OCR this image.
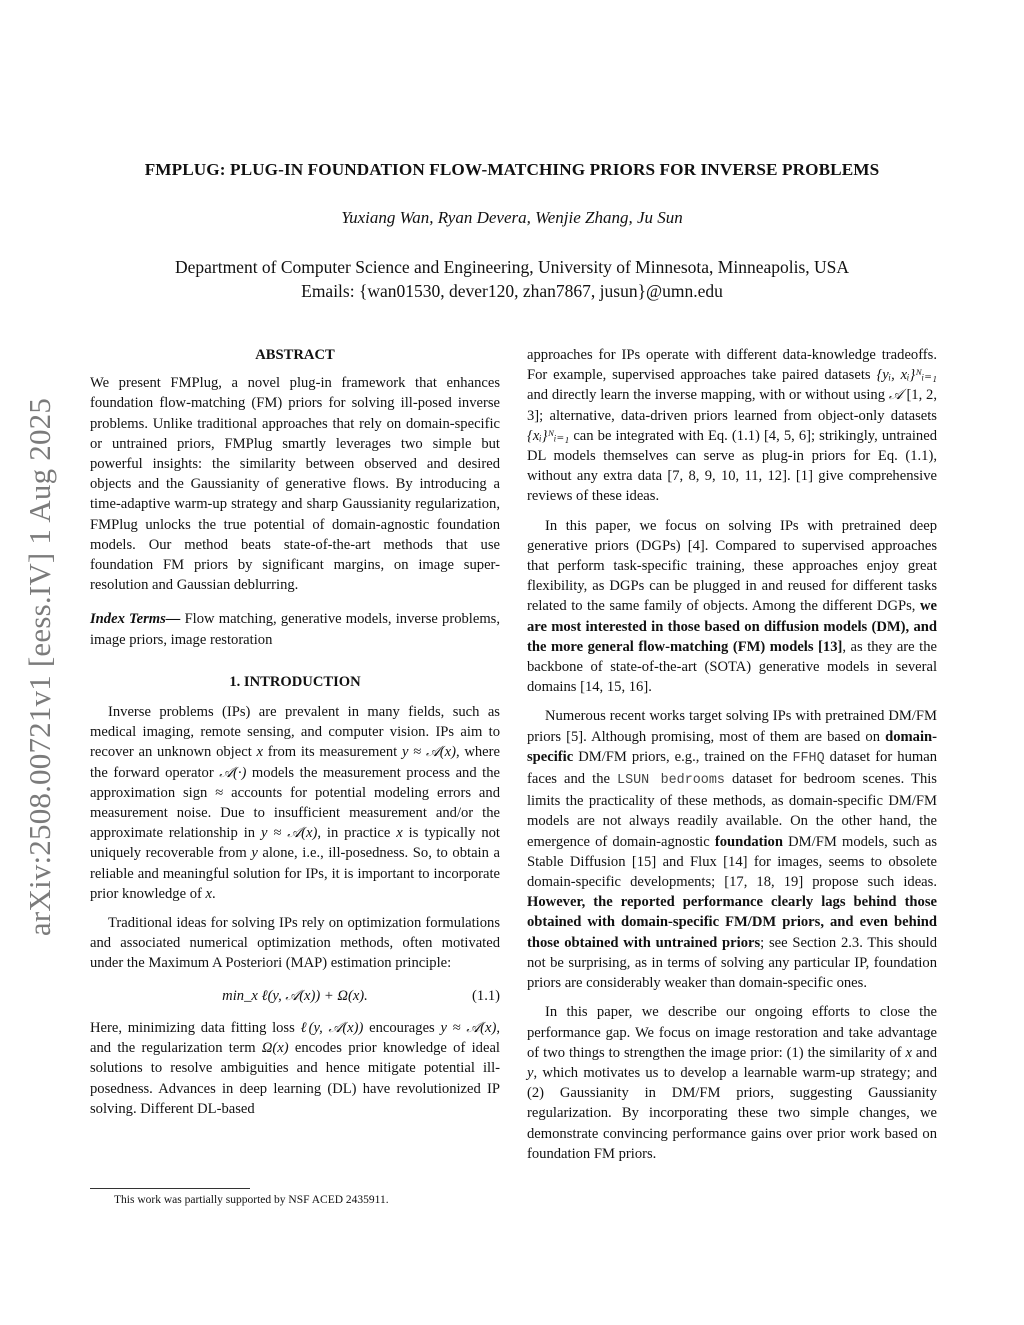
arXiv:2508.00721v1 [eess.IV] 1 Aug 2025
FMPLUG: PLUG-IN FOUNDATION FLOW-MATCHING PRIORS FOR INVERSE PROBLEMS
Yuxiang Wan, Ryan Devera, Wenjie Zhang, Ju Sun
Department of Computer Science and Engineering, University of Minnesota, Minneapolis, USA
Emails: {wan01530, dever120, zhan7867, jusun}@umn.edu
ABSTRACT

We present FMPlug, a novel plug-in framework that enhances foundation flow-matching (FM) priors for solving ill-posed inverse problems. Unlike traditional approaches that rely on domain-specific or untrained priors, FMPlug smartly leverages two simple but powerful insights: the similarity between observed and desired objects and the Gaussianity of generative flows. By introducing a time-adaptive warm-up strategy and sharp Gaussianity regularization, FMPlug unlocks the true potential of domain-agnostic foundation models. Our method beats state-of-the-art methods that use foundation FM priors by significant margins, on image super-resolution and Gaussian deblurring.

Index Terms— Flow matching, generative models, inverse problems, image priors, image restoration

1. INTRODUCTION

Inverse problems (IPs) are prevalent in many fields, such as medical imaging, remote sensing, and computer vision. IPs aim to recover an unknown object x from its measurement y ≈ 𝒜(x), where the forward operator 𝒜(·) models the measurement process and the approximation sign ≈ accounts for potential modeling errors and measurement noise. Due to insufficient measurement and/or the approximate relationship in y ≈ 𝒜(x), in practice x is typically not uniquely recoverable from y alone, i.e., ill-posedness. So, to obtain a reliable and meaningful solution for IPs, it is important to incorporate prior knowledge of x.

Traditional ideas for solving IPs rely on optimization formulations and associated numerical optimization methods, often motivated under the Maximum A Posteriori (MAP) estimation principle:

min_x ℓ(y, 𝒜(x)) + Ω(x).	(1.1)

Here, minimizing data fitting loss ℓ(y, 𝒜(x)) encourages y ≈ 𝒜(x), and the regularization term Ω(x) encodes prior knowledge of ideal solutions to resolve ambiguities and hence mitigate potential ill-posedness. Advances in deep learning (DL) have revolutionized IP solving. Different DL-based

approaches for IPs operate with different data-knowledge tradeoffs. For example, supervised approaches take paired datasets {yᵢ, xᵢ}ᴺᵢ₌₁ and directly learn the inverse mapping, with or without using 𝒜 [1, 2, 3]; alternative, data-driven priors learned from object-only datasets {xᵢ}ᴺᵢ₌₁ can be integrated with Eq. (1.1) [4, 5, 6]; strikingly, untrained DL models themselves can serve as plug-in priors for Eq. (1.1), without any extra data [7, 8, 9, 10, 11, 12]. [1] give comprehensive reviews of these ideas.

In this paper, we focus on solving IPs with pretrained deep generative priors (DGPs) [4]. Compared to supervised approaches that perform task-specific training, these approaches enjoy great flexibility, as DGPs can be plugged in and reused for different tasks related to the same family of objects. Among the different DGPs, we are most interested in those based on diffusion models (DM), and the more general flow-matching (FM) models [13], as they are the backbone of state-of-the-art (SOTA) generative models in several domains [14, 15, 16].

Numerous recent works target solving IPs with pretrained DM/FM priors [5]. Although promising, most of them are based on domain-specific DM/FM priors, e.g., trained on the FFHQ dataset for human faces and the LSUN bedrooms dataset for bedroom scenes. This limits the practicality of these methods, as domain-specific DM/FM models are not always readily available. On the other hand, the emergence of domain-agnostic foundation DM/FM models, such as Stable Diffusion [15] and Flux [14] for images, seems to obsolete domain-specific developments; [17, 18, 19] propose such ideas. However, the reported performance clearly lags behind those obtained with domain-specific FM/DM priors, and even behind those obtained with untrained priors; see Section 2.3. This should not be surprising, as in terms of solving any particular IP, foundation priors are considerably weaker than domain-specific ones.

In this paper, we describe our ongoing efforts to close the performance gap. We focus on image restoration and take advantage of two things to strengthen the image prior: (1) the similarity of x and y, which motivates us to develop a learnable warm-up strategy; and (2) Gaussianity in DM/FM priors, suggesting Gaussianity regularization. By incorporating these two simple changes, we demonstrate convincing performance gains over prior work based on foundation FM priors.

This work was partially supported by NSF ACED 2435911.
